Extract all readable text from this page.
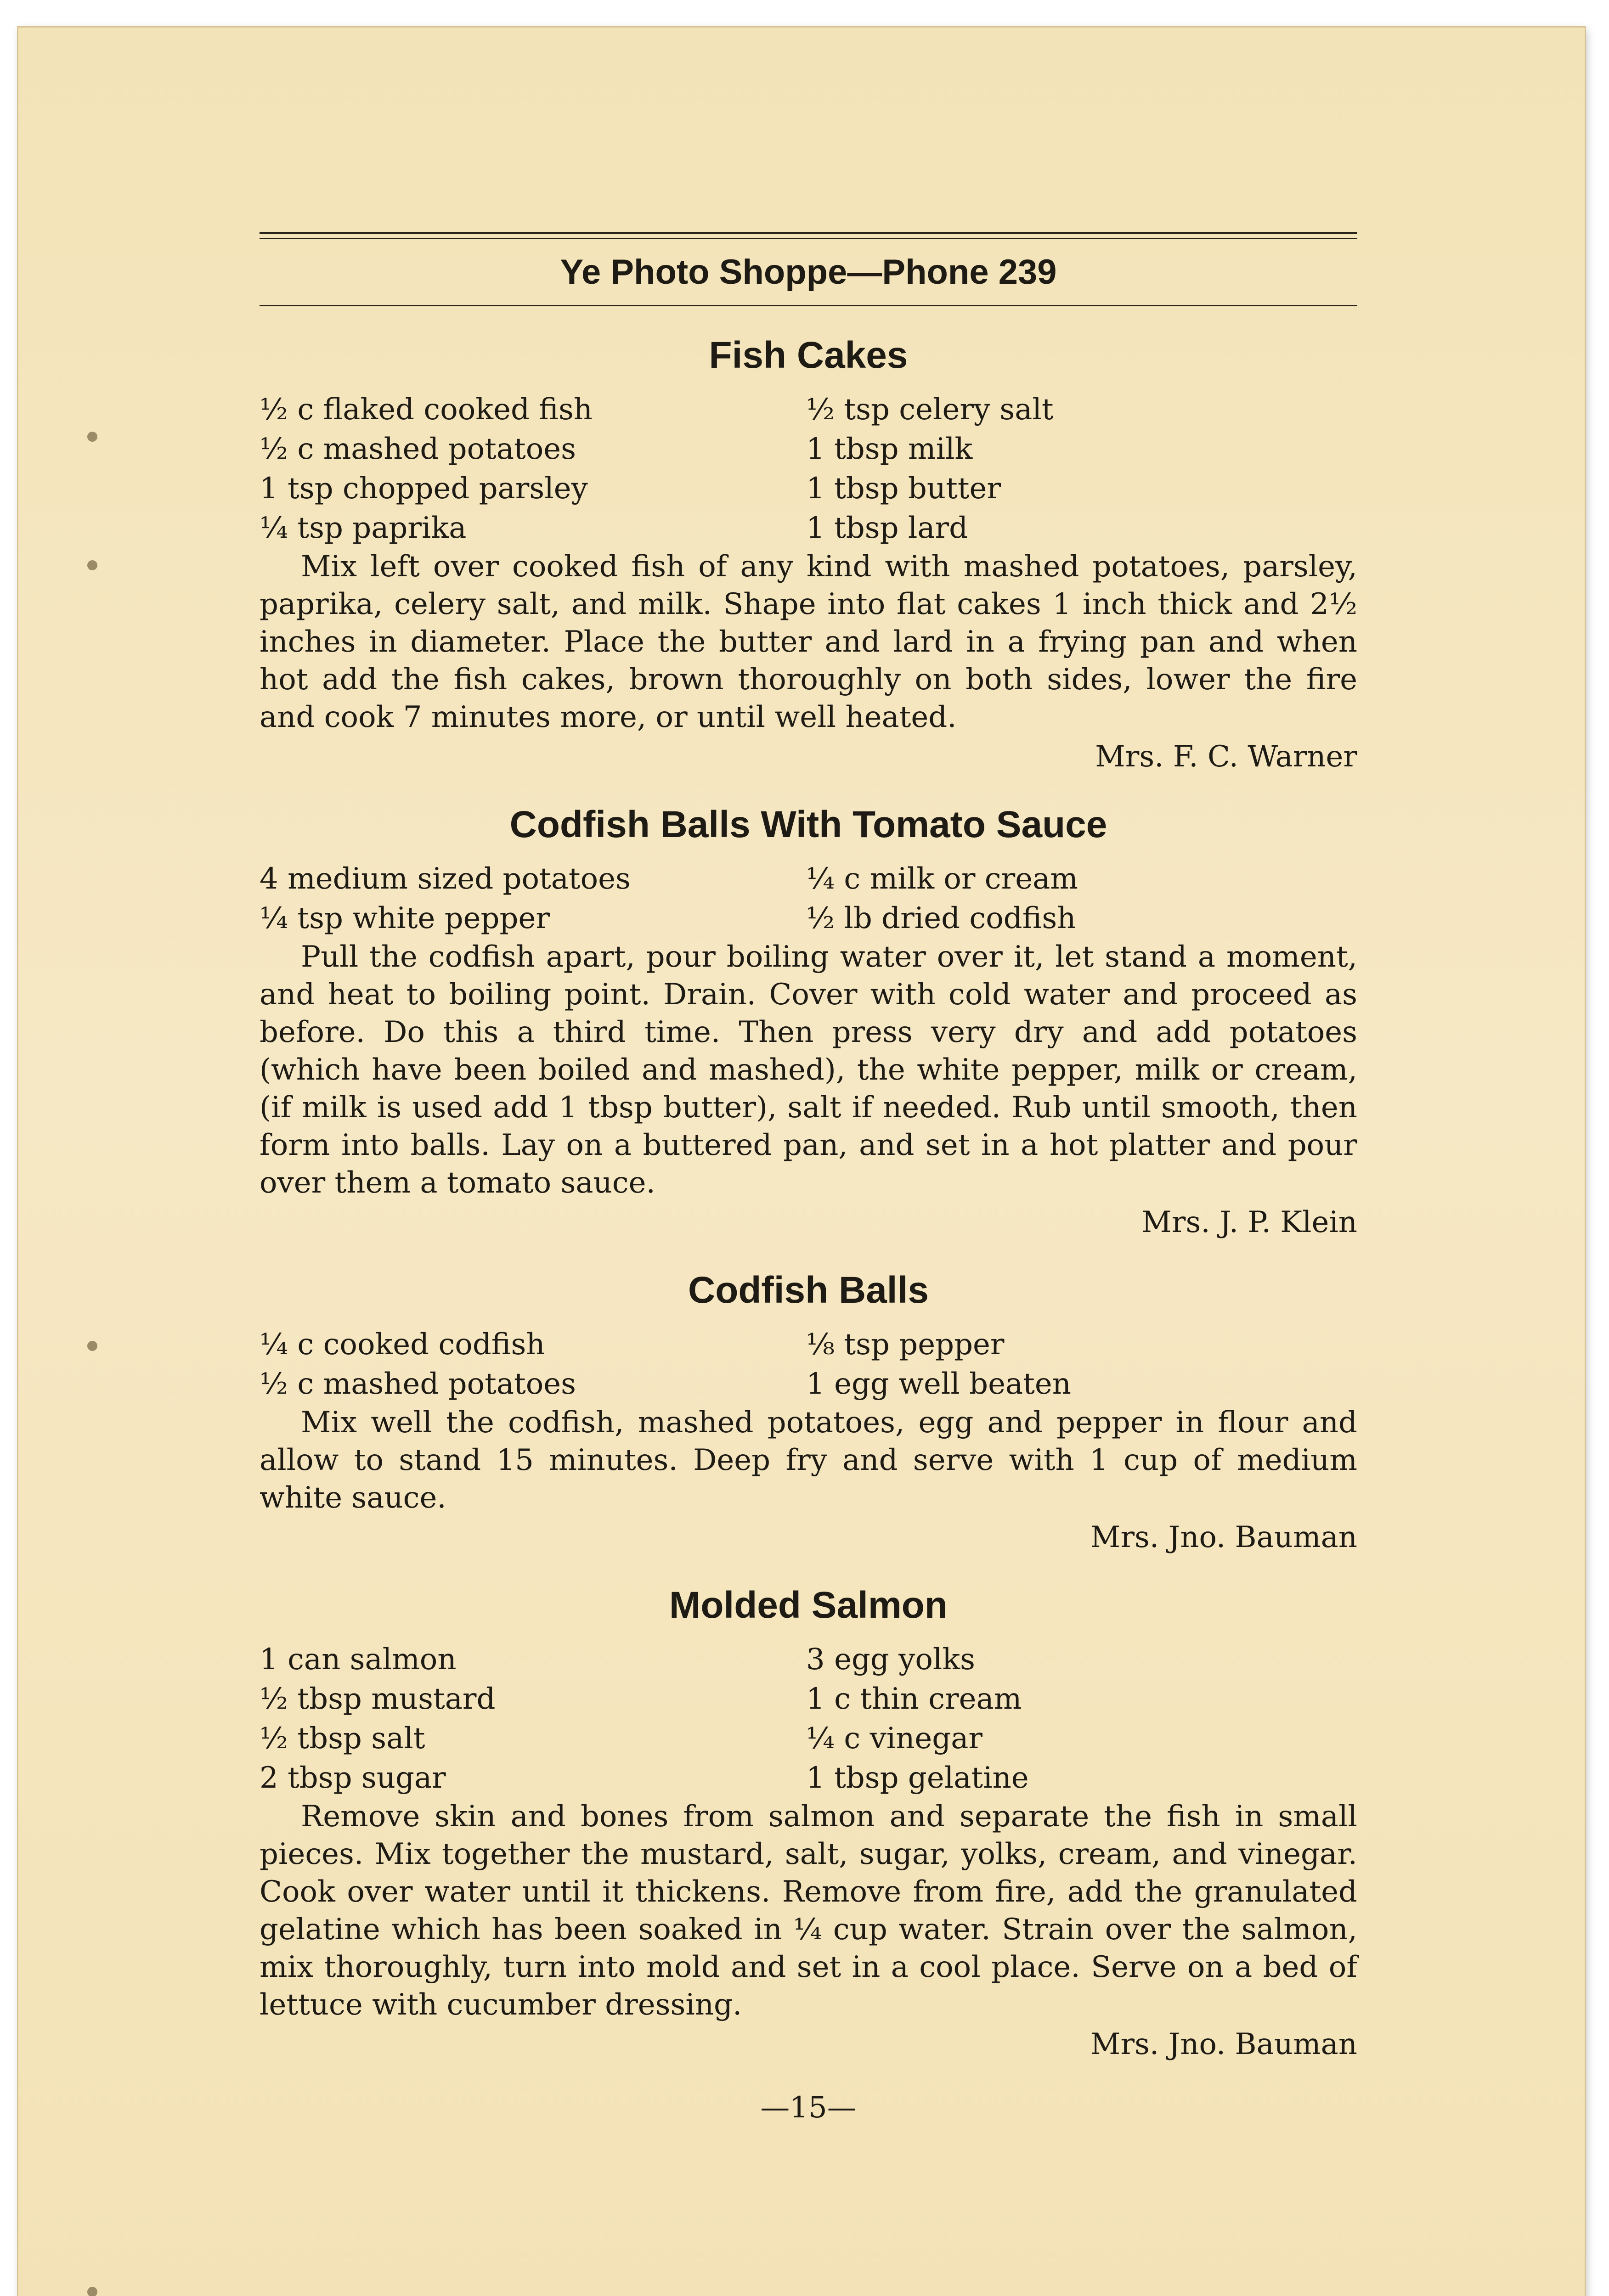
Ye Photo Shoppe—Phone 239
Fish Cakes
½ c flaked cooked fish	½ tsp celery salt
½ c mashed potatoes	1 tbsp milk
1 tsp chopped parsley	1 tbsp butter
¼ tsp paprika	1 tbsp lard
Mix left over cooked fish of any kind with mashed potatoes, parsley, paprika, celery salt, and milk. Shape into flat cakes 1 inch thick and 2½ inches in diameter. Place the butter and lard in a frying pan and when hot add the fish cakes, brown thoroughly on both sides, lower the fire and cook 7 minutes more, or until well heated.
Mrs. F. C. Warner
Codfish Balls With Tomato Sauce
4 medium sized potatoes	¼ c milk or cream
¼ tsp white pepper	½ lb dried codfish
Pull the codfish apart, pour boiling water over it, let stand a moment, and heat to boiling point. Drain. Cover with cold water and proceed as before. Do this a third time. Then press very dry and add potatoes (which have been boiled and mashed), the white pepper, milk or cream, (if milk is used add 1 tbsp butter), salt if needed. Rub until smooth, then form into balls. Lay on a buttered pan, and set in a hot platter and pour over them a tomato sauce.
Mrs. J. P. Klein
Codfish Balls
¼ c cooked codfish	⅛ tsp pepper
½ c mashed potatoes	1 egg well beaten
Mix well the codfish, mashed potatoes, egg and pepper in flour and allow to stand 15 minutes. Deep fry and serve with 1 cup of medium white sauce.
Mrs. Jno. Bauman
Molded Salmon
1 can salmon	3 egg yolks
½ tbsp mustard	1 c thin cream
½ tbsp salt	¼ c vinegar
2 tbsp sugar	1 tbsp gelatine
Remove skin and bones from salmon and separate the fish in small pieces. Mix together the mustard, salt, sugar, yolks, cream, and vinegar. Cook over water until it thickens. Remove from fire, add the granulated gelatine which has been soaked in ¼ cup water. Strain over the salmon, mix thoroughly, turn into mold and set in a cool place. Serve on a bed of lettuce with cucumber dressing.
Mrs. Jno. Bauman
—15—
